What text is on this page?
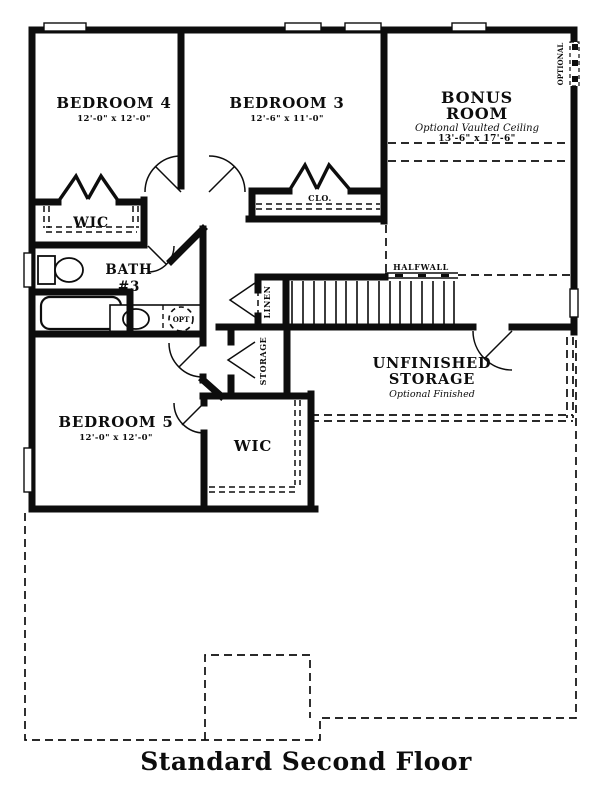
BEDROOM 4
12'-0" x 12'-0"
BEDROOM 3
12'-6" x 11'-0"
BONUS
ROOM
Optional Vaulted Ceiling
13'-6" x 17'-6"
BATH
#3
WIC
CLO.
BEDROOM 5
12'-0" x 12'-0"	WIC
LINEN
STORAGE	UNFINISHED
STORAGE
Optional Finished
HALFWALL
OPTIONAL
OPT
Standard Second Floor
